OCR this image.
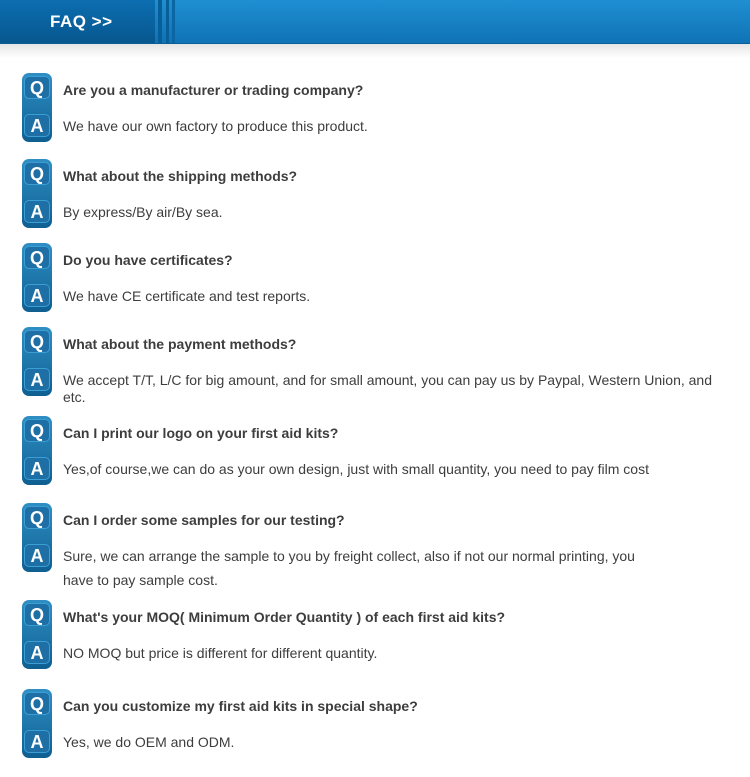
FAQ >>
Q
A
Are you a manufacturer or trading company?
We have our own factory to produce this product.
Q
A
What about the shipping methods?
By express/By air/By sea.
Q
A
Do you have certificates?
We have CE certificate and test reports.
Q
A
What about the payment methods?
We accept T/T, L/C for big amount, and for small amount, you can pay us by Paypal, Western Union, and etc.
Q
A
Can I print our logo on your first aid kits?
Yes,of course,we can do as your own design, just with small quantity, you need to pay film cost
Q
A
Can I order some samples for our testing?
Sure, we can arrange the sample to you by freight collect, also if not our normal printing, you
have to pay sample cost.
Q
A
What's your MOQ( Minimum Order Quantity ) of each first aid kits?
NO MOQ but price is different for different quantity.
Q
A
Can you customize my first aid kits in special shape?
Yes, we do OEM and ODM.
